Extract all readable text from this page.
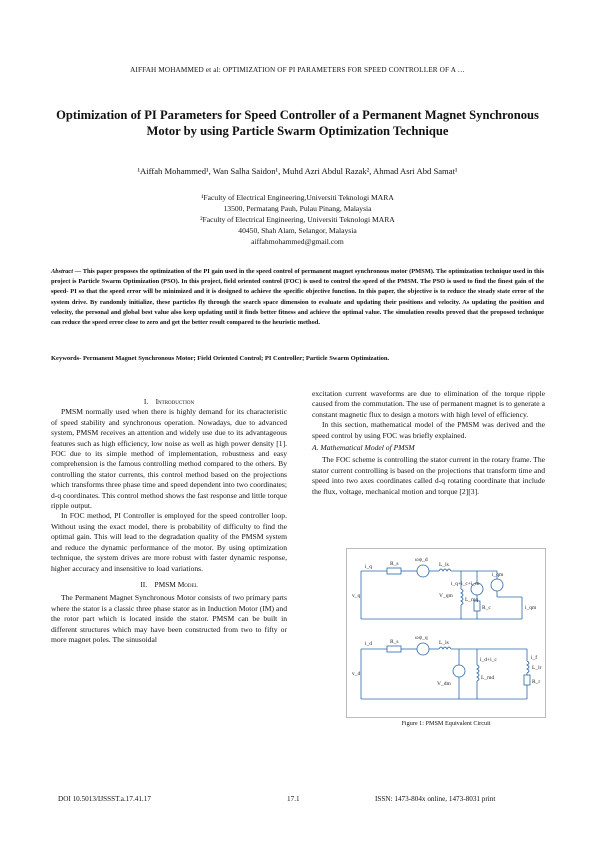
AIFFAH MOHAMMED et al: OPTIMIZATION OF PI PARAMETERS FOR SPEED CONTROLLER OF A …
Optimization of PI Parameters for Speed Controller of a Permanent Magnet Synchronous Motor by using Particle Swarm Optimization Technique
¹Aiffah Mohammed¹, Wan Salha Saidon¹, Muhd Azri Abdul Razak², Ahmad Asri Abd Samat¹
¹Faculty of Electrical Engineering,Universiti Teknologi MARA
13500, Permatang Pauh, Pulau Pinang, Malaysia
²Faculty of Electrical Engineering, Universiti Teknologi MARA
40450, Shah Alam, Selangor, Malaysia
aiffahmohammed@gmail.com
Abstract — This paper proposes the optimization of the PI gain used in the speed control of permanent magnet synchronous motor (PMSM). The optimization technique used in this project is Particle Swarm Optimization (PSO). In this project, field oriented control (FOC) is used to control the speed of the PMSM. The PSO is used to find the finest gain of the speed- PI so that the speed error will be minimized and it is designed to achieve the specific objective function. In this paper, the objective is to reduce the steady state error of the system drive. By randomly initialize, these particles fly through the search space dimension to evaluate and updating their positions and velocity. As updating the position and velocity, the personal and global best value also keep updating until it finds better fitness and achieve the optimal value. The simulation results proved that the proposed technique can reduce the speed error close to zero and get the better result compared to the heuristic method.
Keywords- Permanent Magnet Synchronous Motor; Field Oriented Control; PI Controller; Particle Swarm Optimization.
I. Introduction

PMSM normally used when there is highly demand for its characteristic of speed stability and synchronous operation. Nowadays, due to advanced system, PMSM receives an attention and widely use due to its advantageous features such as high efficiency, low noise as well as high power density [1]. FOC due to its simple method of implementation, robustness and easy comprehension is the famous controlling method compared to the others. By controlling the stator currents, this control method based on the projections which transforms three phase time and speed dependent into two coordinates; d-q coordinates. This control method shows the fast response and little torque ripple output.

In FOC method, PI Controller is employed for the speed controller loop. Without using the exact model, there is probability of difficulty to find the optimal gain. This will lead to the degradation quality of the PMSM system and reduce the dynamic performance of the motor. By using optimization technique, the system drives are more robust with faster dynamic response, higher accuracy and insensitive to load variations.

II. PMSM Model

The Permanent Magnet Synchronous Motor consists of two primary parts where the stator is a classic three phase stator as in Induction Motor (IM) and the rotor part which is located inside the stator. PMSM can be built in different structures which may have been constructed from two to fifty or more magnet poles. The sinusoidal

excitation current waveforms are due to elimination of the torque ripple caused from the commutation. The use of permanent magnet is to generate a constant magnetic flux to design a motors with high level of efficiency.

In this section, mathematical model of the PMSM was derived and the speed control by using FOC was briefly explained.

A. Mathematical Model of PMSM

The FOC scheme is controlling the stator current in the rotary frame. The stator current controlling is based on the projections that transform time and speed into two axes coordinates called d-q rotating coordinate that include the flux, voltage, mechanical motion and torque [2][3].

i_q	R_s
ωψ_d
L_ls
i_qm
v_q	V_qm
i_q+i_c+i_m
L_mq
R_c	i_qm
i_d	R_s
ωψ_q
L_ls
v_d
V_dm
i_d+i_c
L_md
i_f
L_lr
R_r
Figure 1: PMSM Equivalent Circuit
DOI 10.5013/IJSSST.a.17.41.17	17.1	ISSN: 1473-804x online, 1473-8031 print
